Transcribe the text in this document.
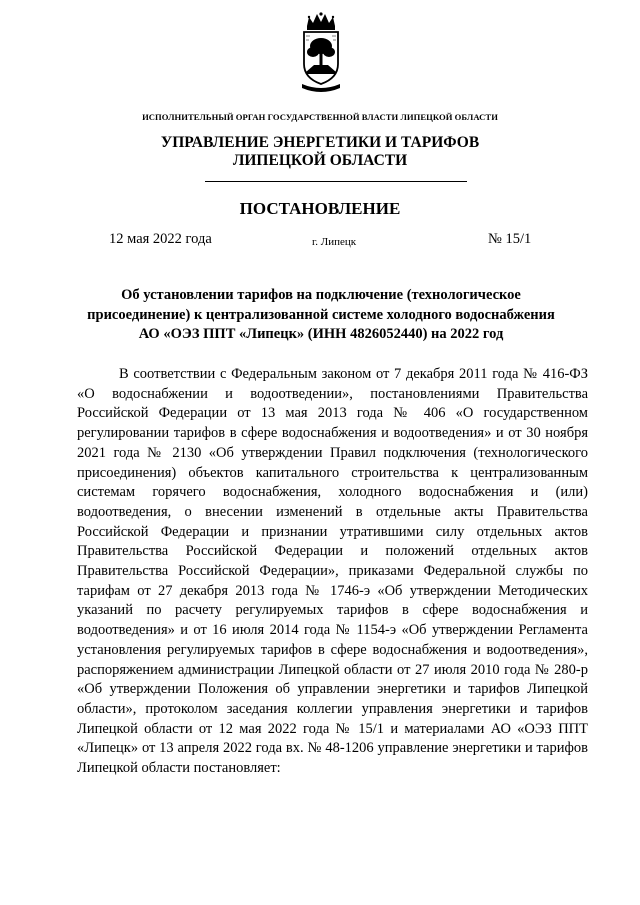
ИСПОЛНИТЕЛЬНЫЙ ОРГАН ГОСУДАРСТВЕННОЙ ВЛАСТИ ЛИПЕЦКОЙ ОБЛАСТИ
УПРАВЛЕНИЕ ЭНЕРГЕТИКИ И ТАРИФОВ
ЛИПЕЦКОЙ ОБЛАСТИ
ПОСТАНОВЛЕНИЕ
12 мая 2022 года	г. Липецк	№ 15/1
Об установлении тарифов на подключение (технологическое
присоединение) к централизованной системе холодного водоснабжения
АО «ОЭЗ ППТ «Липецк» (ИНН 4826052440) на 2022 год

В соответствии с Федеральным законом от 7 декабря 2011 года № 416-ФЗ «О водоснабжении и водоотведении», постановлениями Правительства Российской Федерации от 13 мая 2013 года № 406 «О государственном регулировании тарифов в сфере водоснабжения и водоотведения» и от 30 ноября 2021 года № 2130 «Об утверждении Правил подключения (технологического присоединения) объектов капитального строительства к централизованным системам горячего водоснабжения, холодного водоснабжения и (или) водоотведения, о внесении изменений в отдельные акты Правительства Российской Федерации и признании утратившими силу отдельных актов Правительства Российской Федерации и положений отдельных актов Правительства Российской Федерации», приказами Федеральной службы по тарифам от 27 декабря 2013 года № 1746-э «Об утверждении Методических указаний по расчету регулируемых тарифов в сфере водоснабжения и водоотведения» и от 16 июля 2014 года № 1154-э «Об утверждении Регламента установления регулируемых тарифов в сфере водоснабжения и водоотведения», распоряжением администрации Липецкой области от 27 июля 2010 года № 280-р «Об утверждении Положения об управлении энергетики и тарифов Липецкой области», протоколом заседания коллегии управления энергетики и тарифов Липецкой области от 12 мая 2022 года № 15/1 и материалами АО «ОЭЗ ППТ «Липецк» от 13 апреля 2022 года вх. № 48-1206 управление энергетики и тарифов Липецкой области постановляет:
